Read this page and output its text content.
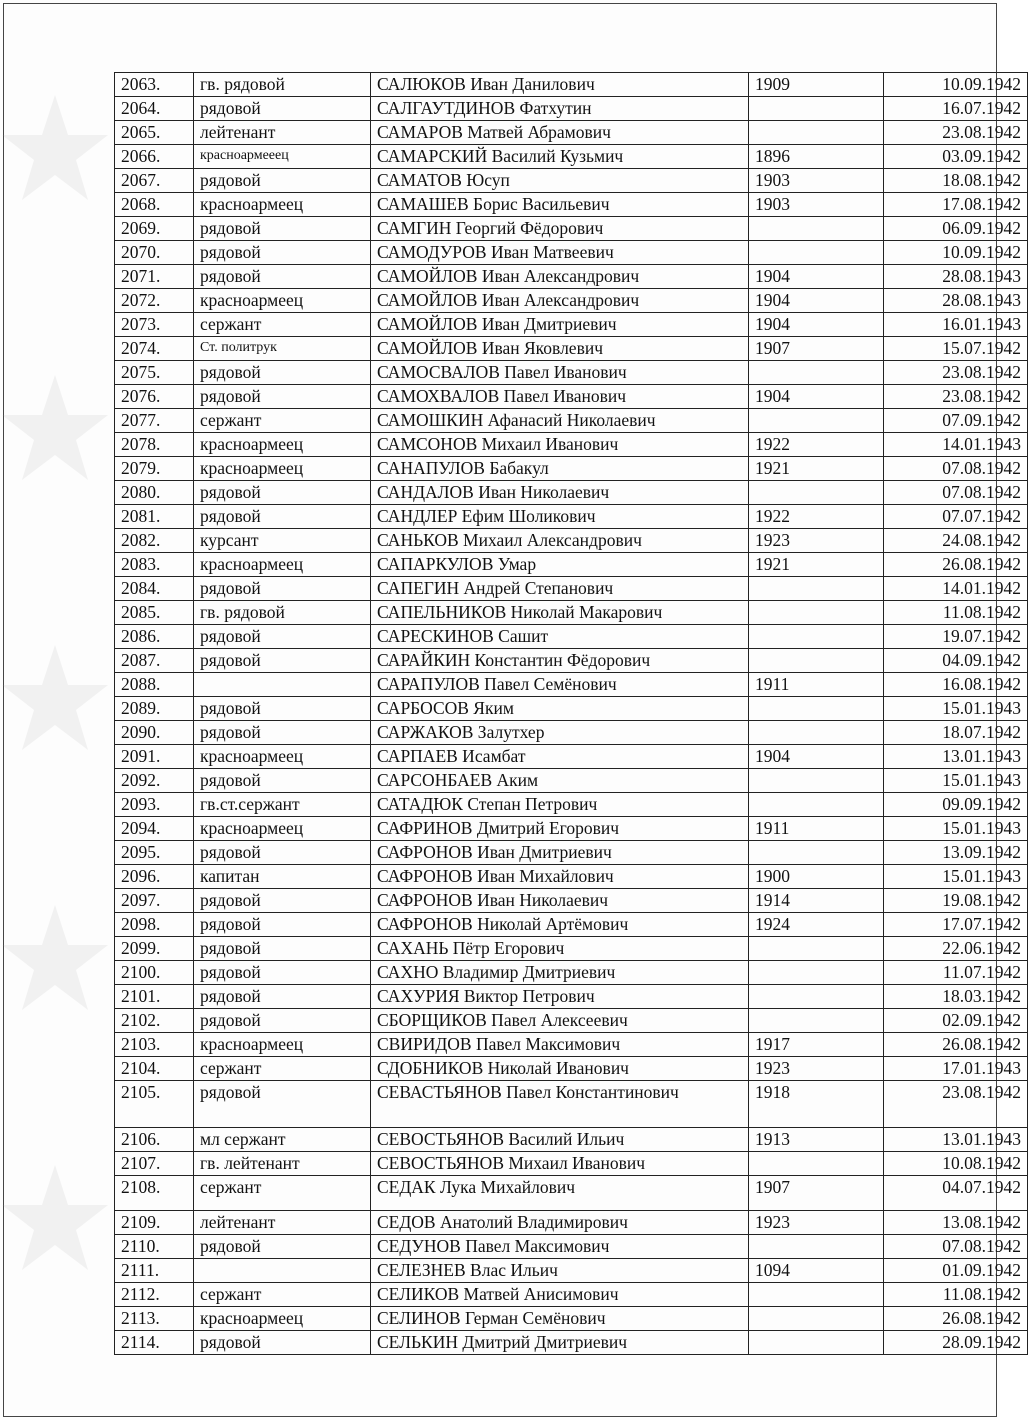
2063.	гв. рядовой	САЛЮКОВ Иван Данилович	1909	10.09.1942
2064.	рядовой	САЛГАУТДИНОВ Фатхутин		16.07.1942
2065.	лейтенант	САМАРОВ Матвей Абрамович		23.08.1942
2066.	красноармееец	САМАРСКИЙ Василий Кузьмич	1896	03.09.1942
2067.	рядовой	САМАТОВ Юсуп	1903	18.08.1942
2068.	красноармеец	САМАШЕВ Борис Васильевич	1903	17.08.1942
2069.	рядовой	САМГИН Георгий Фёдорович		06.09.1942
2070.	рядовой	САМОДУРОВ Иван Матвеевич		10.09.1942
2071.	рядовой	САМОЙЛОВ Иван Александрович	1904	28.08.1943
2072.	красноармеец	САМОЙЛОВ Иван Александрович	1904	28.08.1943
2073.	сержант	САМОЙЛОВ Иван Дмитриевич	1904	16.01.1943
2074.	Ст. политрук	САМОЙЛОВ Иван Яковлевич	1907	15.07.1942
2075.	рядовой	САМОСВАЛОВ Павел Иванович		23.08.1942
2076.	рядовой	САМОХВАЛОВ Павел Иванович	1904	23.08.1942
2077.	сержант	САМОШКИН Афанасий Николаевич		07.09.1942
2078.	красноармеец	САМСОНОВ Михаил Иванович	1922	14.01.1943
2079.	красноармеец	САНАПУЛОВ Бабакул	1921	07.08.1942
2080.	рядовой	САНДАЛОВ Иван Николаевич		07.08.1942
2081.	рядовой	САНДЛЕР Ефим Шоликович	1922	07.07.1942
2082.	курсант	САНЬКОВ Михаил Александрович	1923	24.08.1942
2083.	красноармеец	САПАРКУЛОВ Умар	1921	26.08.1942
2084.	рядовой	САПЕГИН Андрей Степанович		14.01.1942
2085.	гв. рядовой	САПЕЛЬНИКОВ Николай Макарович		11.08.1942
2086.	рядовой	САРЕСКИНОВ Сашит		19.07.1942
2087.	рядовой	САРАЙКИН Константин Фёдорович		04.09.1942
2088.		САРАПУЛОВ Павел Семёнович	1911	16.08.1942
2089.	рядовой	САРБОСОВ Яким		15.01.1943
2090.	рядовой	САРЖАКОВ Залутхер		18.07.1942
2091.	красноармеец	САРПАЕВ Исамбат	1904	13.01.1943
2092.	рядовой	САРСОНБАЕВ Аким		15.01.1943
2093.	гв.ст.сержант	САТАДЮК Степан Петрович		09.09.1942
2094.	красноармеец	САФРИНОВ Дмитрий Егорович	1911	15.01.1943
2095.	рядовой	САФРОНОВ Иван Дмитриевич		13.09.1942
2096.	капитан	САФРОНОВ Иван Михайлович	1900	15.01.1943
2097.	рядовой	САФРОНОВ Иван Николаевич	1914	19.08.1942
2098.	рядовой	САФРОНОВ Николай Артёмович	1924	17.07.1942
2099.	рядовой	САХАНЬ Пётр Егорович		22.06.1942
2100.	рядовой	САХНО Владимир Дмитриевич		11.07.1942
2101.	рядовой	САХУРИЯ Виктор Петрович		18.03.1942
2102.	рядовой	СБОРЩИКОВ Павел Алексеевич		02.09.1942
2103.	красноармеец	СВИРИДОВ Павел Максимович	1917	26.08.1942
2104.	сержант	СДОБНИКОВ Николай Иванович	1923	17.01.1943
2105.	рядовой	СЕВАСТЬЯНОВ Павел Константинович	1918	23.08.1942
2106.	мл сержант	СЕВОСТЬЯНОВ Василий Ильич	1913	13.01.1943
2107.	гв. лейтенант	СЕВОСТЬЯНОВ Михаил Иванович		10.08.1942
2108.	сержант	СЕДАК Лука Михайлович	1907	04.07.1942
2109.	лейтенант	СЕДОВ Анатолий Владимирович	1923	13.08.1942
2110.	рядовой	СЕДУНОВ Павел Максимович		07.08.1942
2111.		СЕЛЕЗНЕВ Влас Ильич	1094	01.09.1942
2112.	сержант	СЕЛИКОВ Матвей Анисимович		11.08.1942
2113.	красноармеец	СЕЛИНОВ Герман Семёнович		26.08.1942
2114.	рядовой	СЕЛЬКИН Дмитрий Дмитриевич		28.09.1942
